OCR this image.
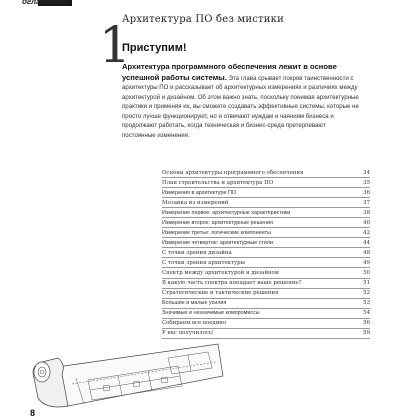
оглавление
1
Архитектура ПО без мистики
Приступим!
Архитектура программного обеспечения лежит в основе успешной работы системы. Эта глава срывает покров таинственности с архитектуры ПО и рассказывает об архитектурных измерениях и различиях между архитектурой и дизайном. Об этом важно знать, поскольку понимая архитектурные практики и применяя их, вы сможете создавать эффективные системы, которые не просто лучше функционируют, но и отвечают нуждам и чаяниям бизнеса и продолжают работать, когда техническая и бизнес-среда претерпевают постоянные изменения.
Основы архитектуры программного обеспечения	34
План строительства и архитектура ПО	35
Измерения в архитектуре ПО	36
Мозаика из измерений	37
Измерение первое: архитектурные характеристики	38
Измерение второе: архитектурные решения	40
Измерение третье: логические компоненты	42
Измерение четвертое: архитектурные стили	44
С точки зрения дизайна	48
С точки зрения архитектуры	49
Спектр между архитектурой и дизайном	50
В какую часть спектра попадает ваше решение?	51
Стратегические и тактические решения	52
Большие и малые усилия	53
Значимые и незначимые компромиссы	54
Собираем все воедино	56
У вас получилось!	59
8
